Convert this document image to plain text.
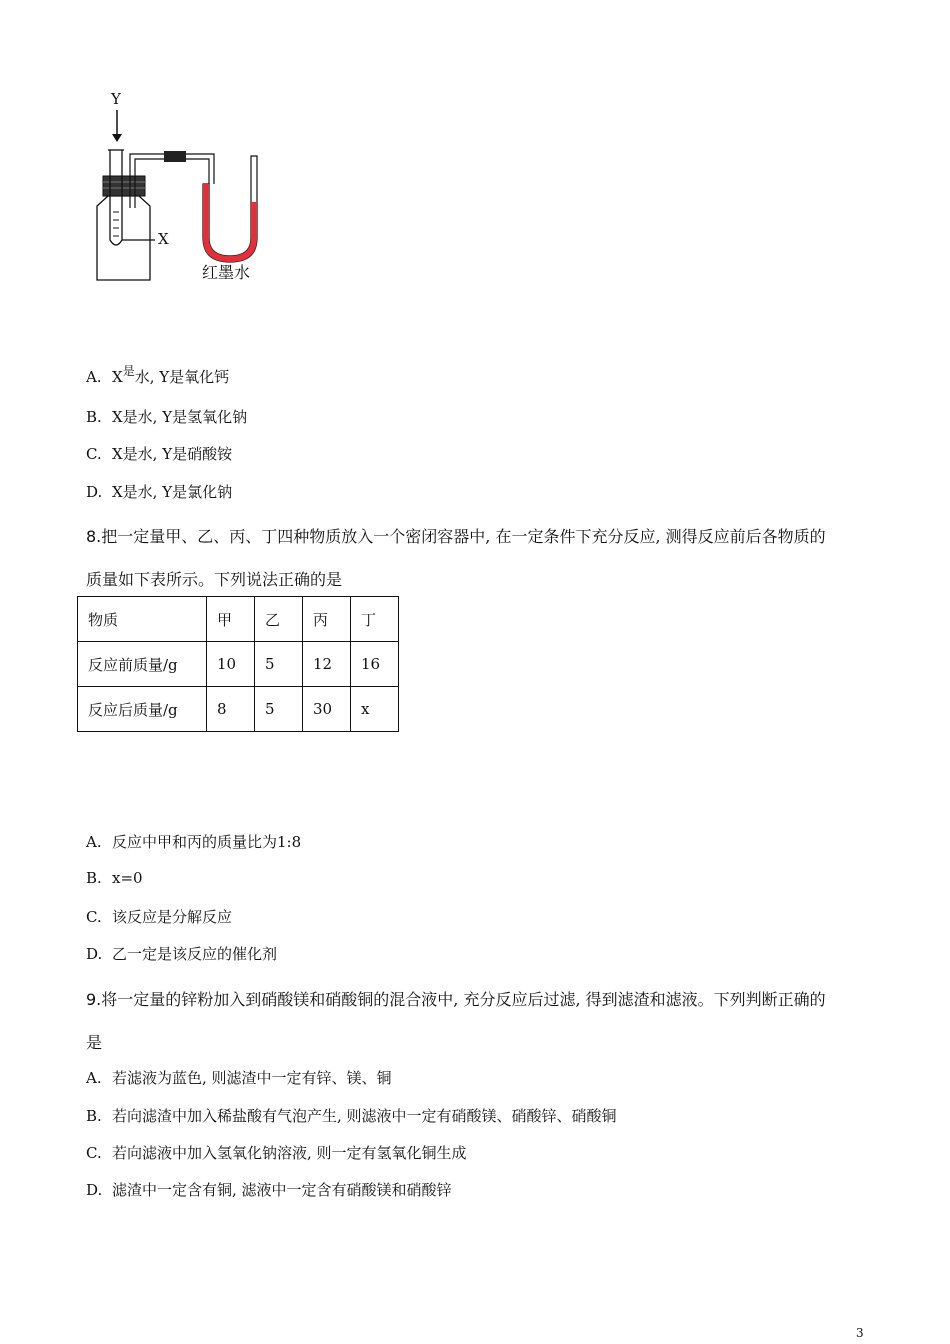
Y
X
红墨水
A. $X^是$水, Y是氧化钙
B. X是水, Y是氢氧化钠
C. X是水, Y是硝酸铵
D. X是水, Y是氯化钠
8.把一定量甲、乙、丙、丁四种物质放入一个密闭容器中, 在一定条件下充分反应, 测得反应前后各物质的
质量如下表所示。下列说法正确的是
物质	甲	乙	丙	丁
反应前质量/g	10	5	12	16
反应后质量/g	8	5	30	x
A. 反应中甲和丙的质量比为1:8
B. x=0
C. 该反应是分解反应
D. 乙一定是该反应的催化剂
9.将一定量的锌粉加入到硝酸镁和硝酸铜的混合液中, 充分反应后过滤, 得到滤渣和滤液。下列判断正确的
是
A. 若滤液为蓝色, 则滤渣中一定有锌、镁、铜
B. 若向滤渣中加入稀盐酸有气泡产生, 则滤液中一定有硝酸镁、硝酸锌、硝酸铜
C. 若向滤液中加入氢氧化钠溶液, 则一定有氢氧化铜生成
D. 滤渣中一定含有铜, 滤液中一定含有硝酸镁和硝酸锌
3
